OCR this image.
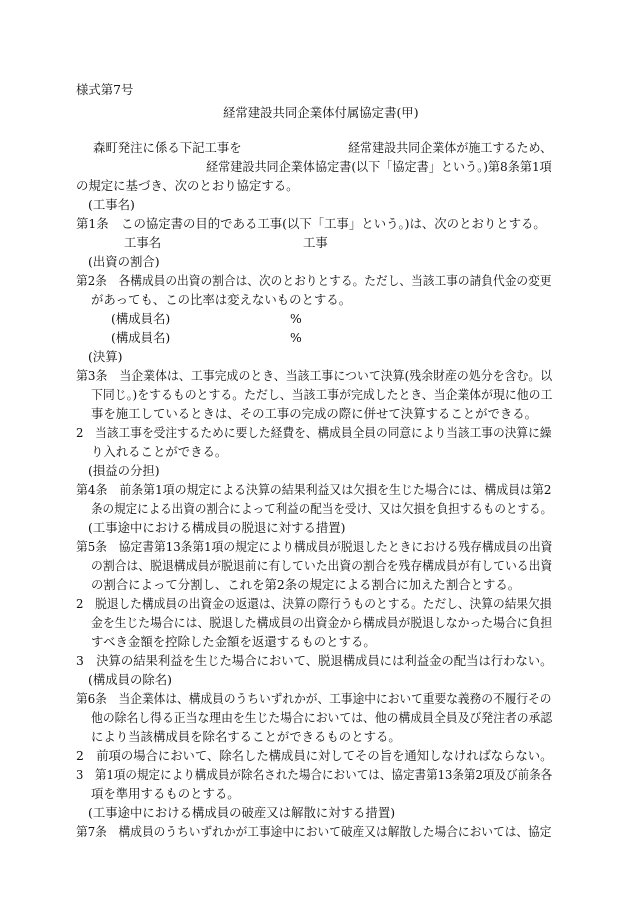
様式第7号
経常建設共同企業体付属協定書(甲)
森町発注に係る下記工事を	経常建設共同企業体が施工するため、
経常建設共同企業体協定書(以下「協定書」という。)第8条第1項
の規定に基づき、次のとおり協定する。
(工事名)
第1条　この協定書の目的である工事(以下「工事」という。)は、次のとおりとする。
工事名	工事
(出資の割合)
第2条　各構成員の出資の割合は、次のとおりとする。ただし、当該工事の請負代金の変更
があっても、この比率は変えないものとする。
(構成員名)	%
(構成員名)	%
(決算)
第3条　当企業体は、工事完成のとき、当該工事について決算(残余財産の処分を含む。以
下同じ。)をするものとする。ただし、当該工事が完成したとき、当企業体が現に他の工
事を施工しているときは、その工事の完成の際に併せて決算することができる。
2　当該工事を受注するために要した経費を、構成員全員の同意により当該工事の決算に繰
り入れることができる。
(損益の分担)
第4条　前条第1項の規定による決算の結果利益又は欠損を生じた場合には、構成員は第2
条の規定による出資の割合によって利益の配当を受け、又は欠損を負担するものとする。
(工事途中における構成員の脱退に対する措置)
第5条　協定書第13条第1項の規定により構成員が脱退したときにおける残存構成員の出資
の割合は、脱退構成員が脱退前に有していた出資の割合を残存構成員が有している出資
の割合によって分割し、これを第2条の規定による割合に加えた割合とする。
2　脱退した構成員の出資金の返還は、決算の際行うものとする。ただし、決算の結果欠損
金を生じた場合には、脱退した構成員の出資金から構成員が脱退しなかった場合に負担
すべき金額を控除した金額を返還するものとする。
3　決算の結果利益を生じた場合において、脱退構成員には利益金の配当は行わない。
(構成員の除名)
第6条　当企業体は、構成員のうちいずれかが、工事途中において重要な義務の不履行その
他の除名し得る正当な理由を生じた場合においては、他の構成員全員及び発注者の承認
により当該構成員を除名することができるものとする。
2　前項の場合において、除名した構成員に対してその旨を通知しなければならない。
3　第1項の規定により構成員が除名された場合においては、協定書第13条第2項及び前条各
項を準用するものとする。
(工事途中における構成員の破産又は解散に対する措置)
第7条　構成員のうちいずれかが工事途中において破産又は解散した場合においては、協定
